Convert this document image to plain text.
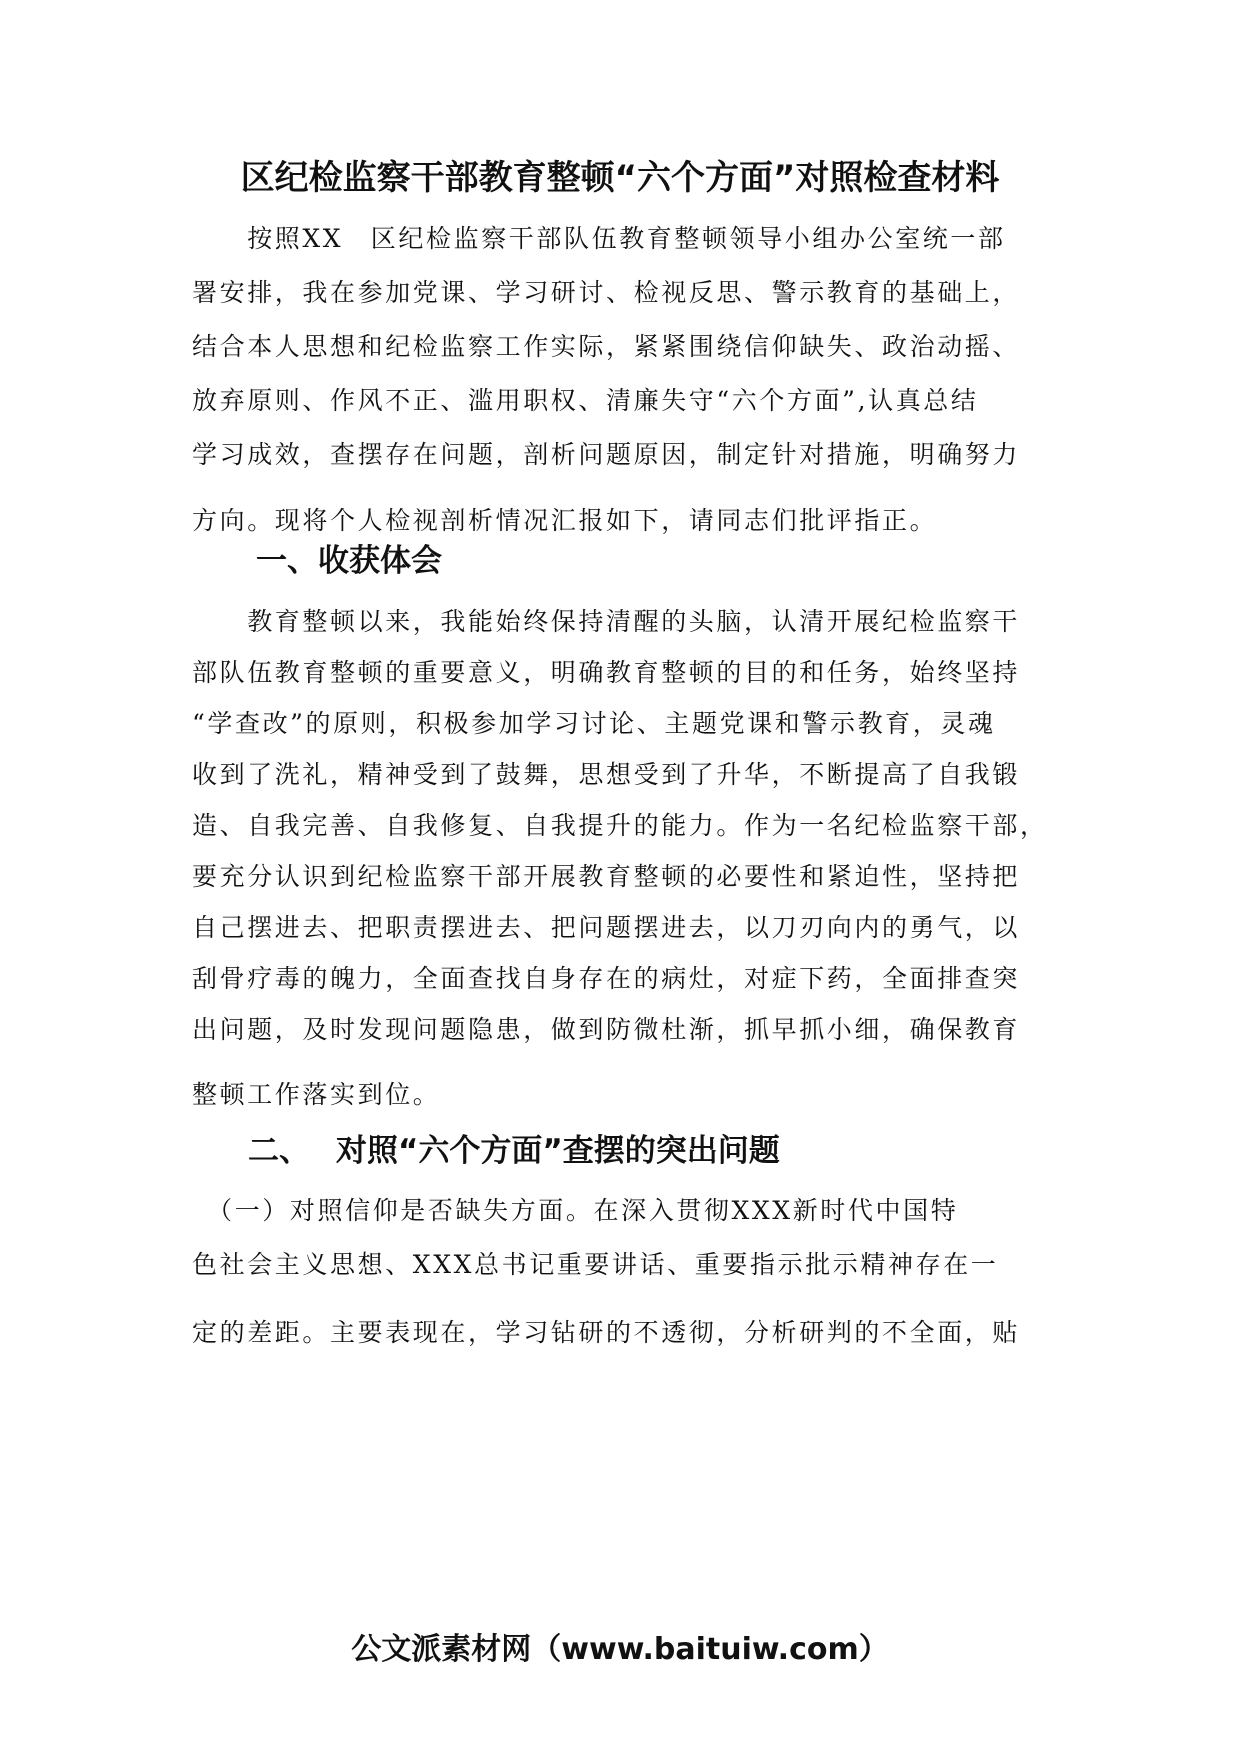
区纪检监察干部教育整顿“六个方面”对照检查材料
　　按照XX　区纪检监察干部队伍教育整顿领导小组办公室统一部
署安排，我在参加党课、学习研讨、检视反思、警示教育的基础上，
结合本人思想和纪检监察工作实际，紧紧围绕信仰缺失、政治动摇、
放弃原则、作风不正、滥用职权、清廉失守“六个方面”,认真总结
学习成效，查摆存在问题，剖析问题原因，制定针对措施，明确努力
方向。现将个人检视剖析情况汇报如下，请同志们批评指正。
一、收获体会
　　教育整顿以来，我能始终保持清醒的头脑，认清开展纪检监察干
部队伍教育整顿的重要意义，明确教育整顿的目的和任务，始终坚持
“学查改”的原则，积极参加学习讨论、主题党课和警示教育，灵魂
收到了洗礼，精神受到了鼓舞，思想受到了升华，不断提高了自我锻
造、自我完善、自我修复、自我提升的能力。作为一名纪检监察干部，
要充分认识到纪检监察干部开展教育整顿的必要性和紧迫性，坚持把
自己摆进去、把职责摆进去、把问题摆进去，以刀刃向内的勇气，以
刮骨疗毒的魄力，全面查找自身存在的病灶，对症下药，全面排查突
出问题，及时发现问题隐患，做到防微杜渐，抓早抓小细，确保教育
整顿工作落实到位。
二、 对照“六个方面”查摆的突出问题
　（一）对照信仰是否缺失方面。在深入贯彻XXX新时代中国特
色社会主义思想、XXX总书记重要讲话、重要指示批示精神存在一
定的差距。主要表现在，学习钻研的不透彻，分析研判的不全面，贴
公文派素材网（www.baituiw.com）
